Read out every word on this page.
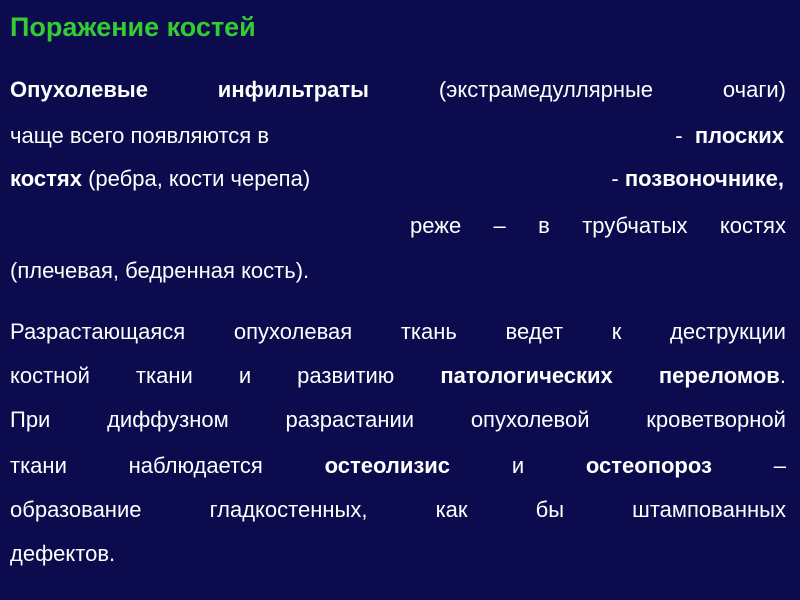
Поражение костей
Опухолевые	инфильтраты	(экстрамедуллярные	очаги)
чаще всего появляются в	- плоских
костях (ребра, кости черепа)	- позвоночнике,
реже – в трубчатых костях
(плечевая, бедренная кость).
Разрастающаяся опухолевая ткань ведет к деструкции
костной ткани и развитию патологических переломов.
При	диффузном	разрастании	опухолевой	кроветворной
ткани	наблюдается	остеолизис	и	остеопороз	–
образование	гладкостенных,	как	бы	штампованных
дефектов.
